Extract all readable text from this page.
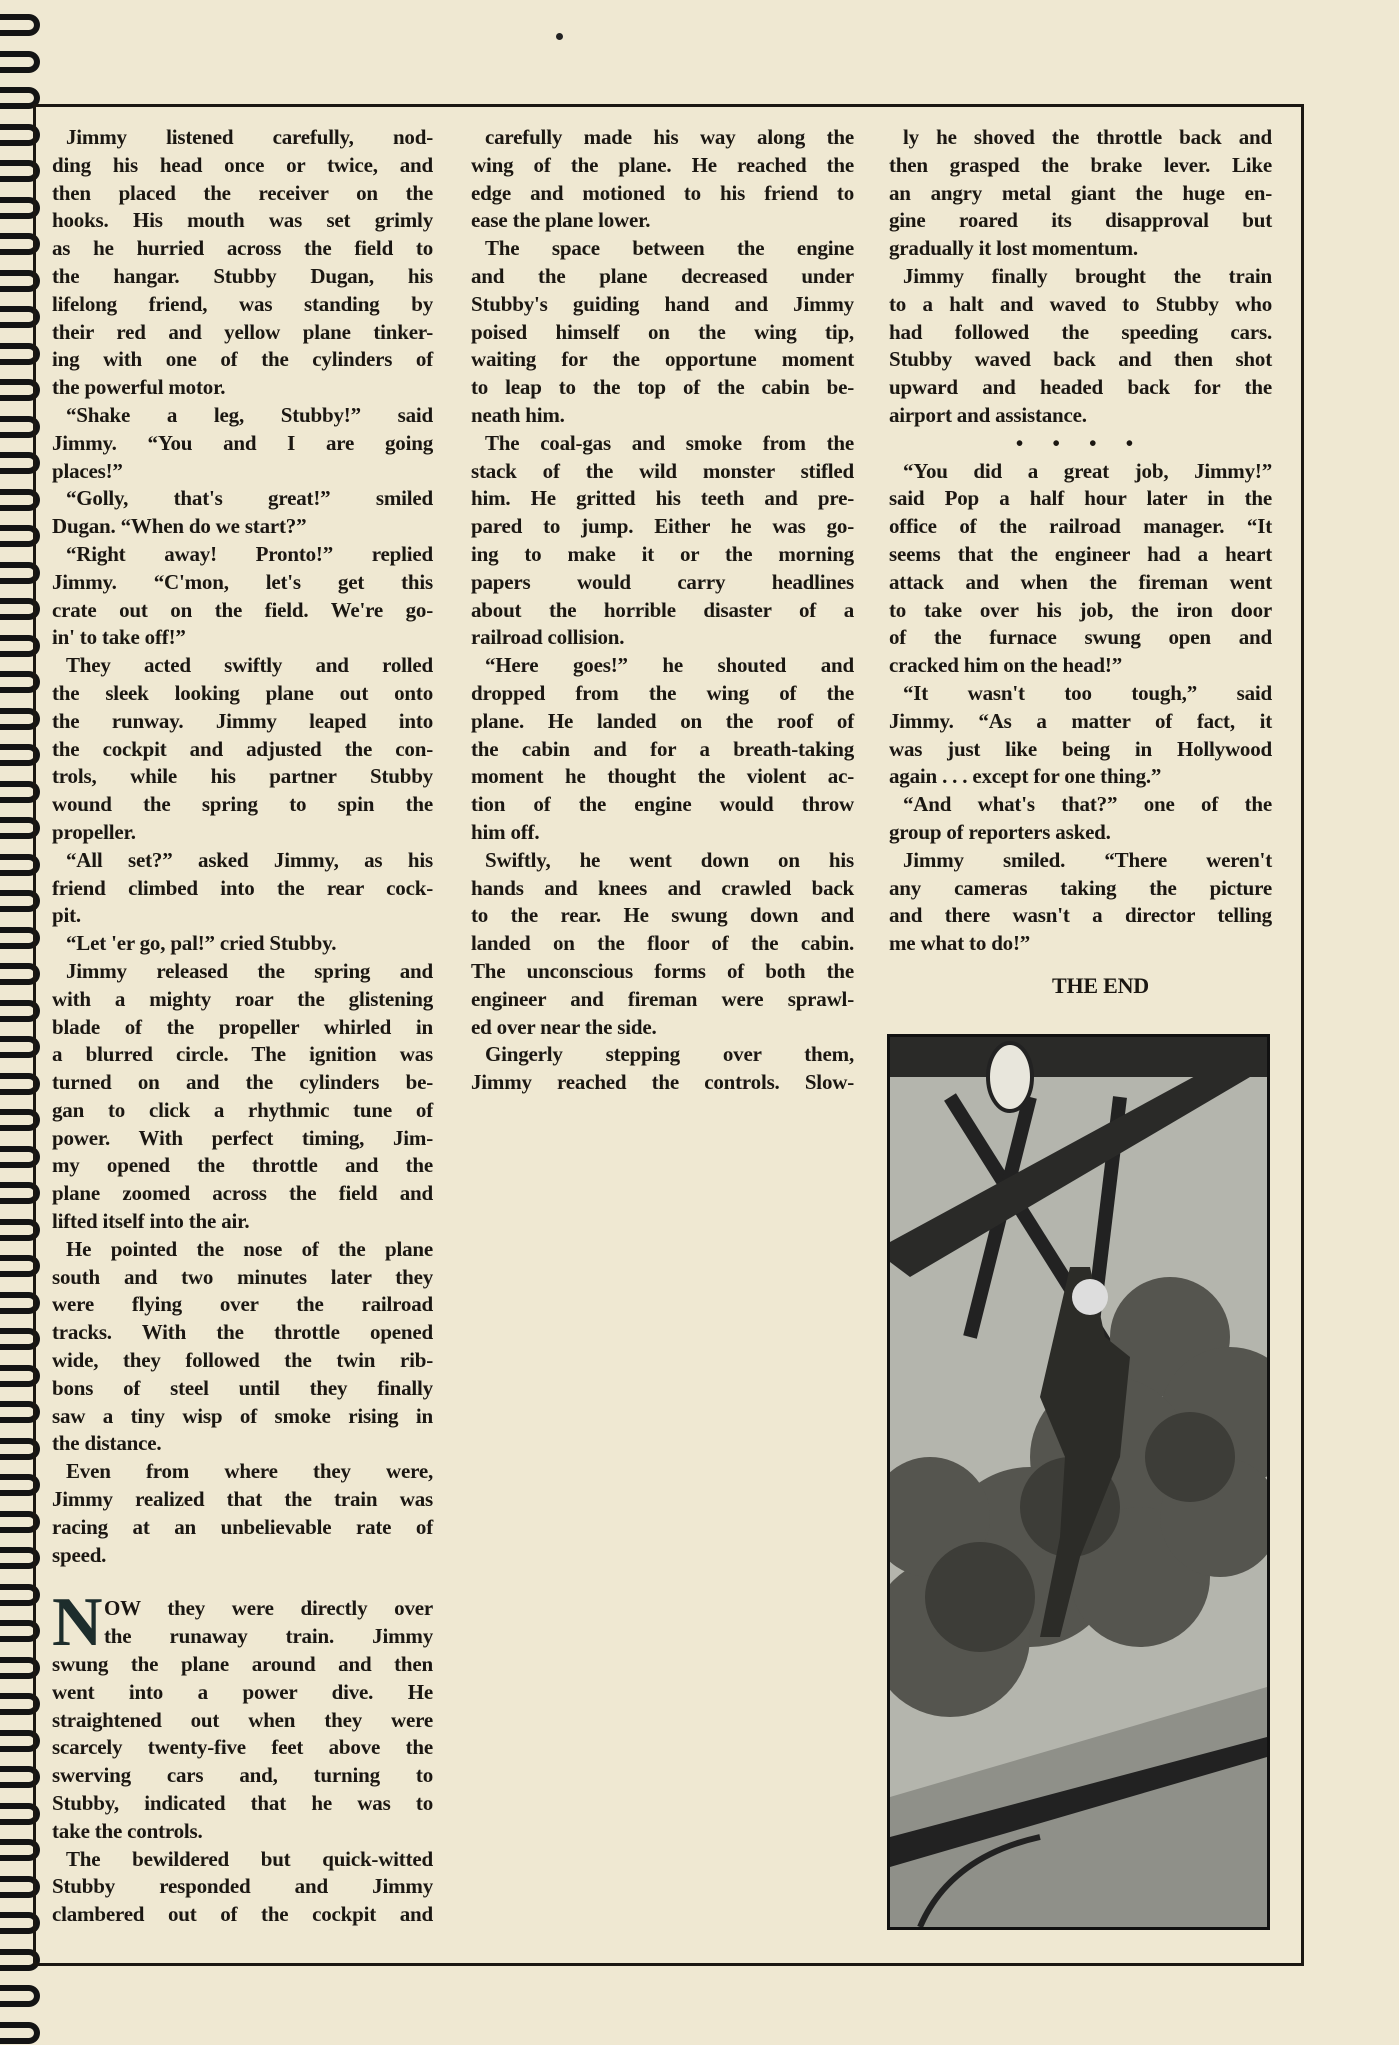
Jimmy listened carefully, nod-
ding his head once or twice, and
then placed the receiver on the
hooks. His mouth was set grimly
as he hurried across the field to
the hangar. Stubby Dugan, his
lifelong friend, was standing by
their red and yellow plane tinker-
ing with one of the cylinders of
the powerful motor.
“Shake a leg, Stubby!” said
Jimmy. “You and I are going
places!”
“Golly, that's great!” smiled
Dugan. “When do we start?”
“Right away! Pronto!” replied
Jimmy. “C'mon, let's get this
crate out on the field. We're go-
in' to take off!”
They acted swiftly and rolled
the sleek looking plane out onto
the runway. Jimmy leaped into
the cockpit and adjusted the con-
trols, while his partner Stubby
wound the spring to spin the
propeller.
“All set?” asked Jimmy, as his
friend climbed into the rear cock-
pit.
“Let 'er go, pal!” cried Stubby.
Jimmy released the spring and
with a mighty roar the glistening
blade of the propeller whirled in
a blurred circle. The ignition was
turned on and the cylinders be-
gan to click a rhythmic tune of
power. With perfect timing, Jim-
my opened the throttle and the
plane zoomed across the field and
lifted itself into the air.
He pointed the nose of the plane
south and two minutes later they
were flying over the railroad
tracks. With the throttle opened
wide, they followed the twin rib-
bons of steel until they finally
saw a tiny wisp of smoke rising in
the distance.
Even from where they were,
Jimmy realized that the train was
racing at an unbelievable rate of
speed.
N OW they were directly over
the runaway train. Jimmy
swung the plane around and then
went into a power dive. He
straightened out when they were
scarcely twenty-five feet above the
swerving cars and, turning to
Stubby, indicated that he was to
take the controls.
The bewildered but quick-witted
Stubby responded and Jimmy
clambered out of the cockpit and
carefully made his way along the
wing of the plane. He reached the
edge and motioned to his friend to
ease the plane lower.
The space between the engine
and the plane decreased under
Stubby's guiding hand and Jimmy
poised himself on the wing tip,
waiting for the opportune moment
to leap to the top of the cabin be-
neath him.
The coal-gas and smoke from the
stack of the wild monster stifled
him. He gritted his teeth and pre-
pared to jump. Either he was go-
ing to make it or the morning
papers would carry headlines
about the horrible disaster of a
railroad collision.
“Here goes!” he shouted and
dropped from the wing of the
plane. He landed on the roof of
the cabin and for a breath-taking
moment he thought the violent ac-
tion of the engine would throw
him off.
Swiftly, he went down on his
hands and knees and crawled back
to the rear. He swung down and
landed on the floor of the cabin.
The unconscious forms of both the
engineer and fireman were sprawl-
ed over near the side.
Gingerly stepping over them,
Jimmy reached the controls. Slow-
ly he shoved the throttle back and
then grasped the brake lever. Like
an angry metal giant the huge en-
gine roared its disapproval but
gradually it lost momentum.
Jimmy finally brought the train
to a halt and waved to Stubby who
had followed the speeding cars.
Stubby waved back and then shot
upward and headed back for the
airport and assistance.
• • • •
“You did a great job, Jimmy!”
said Pop a half hour later in the
office of the railroad manager. “It
seems that the engineer had a heart
attack and when the fireman went
to take over his job, the iron door
of the furnace swung open and
cracked him on the head!”
“It wasn't too tough,” said
Jimmy. “As a matter of fact, it
was just like being in Hollywood
again . . . except for one thing.”
“And what's that?” one of the
group of reporters asked.
Jimmy smiled. “There weren't
any cameras taking the picture
and there wasn't a director telling
me what to do!”
THE END
